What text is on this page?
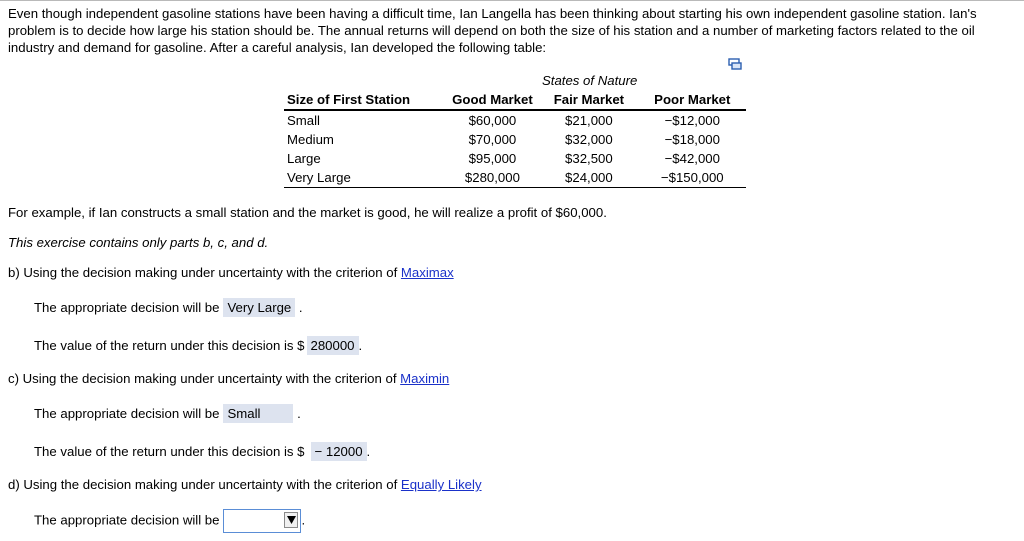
Even though independent gasoline stations have been having a difficult time, Ian Langella has been thinking about starting his own independent gasoline station. Ian's problem is to decide how large his station should be. The annual returns will depend on both the size of his station and a number of marketing factors related to the oil industry and demand for gasoline. After a careful analysis, Ian developed the following table:
States of Nature
Size of First Station	Good Market	Fair Market	Poor Market
Small	$60,000	$21,000	−$12,000
Medium	$70,000	$32,000	−$18,000
Large	$95,000	$32,500	−$42,000
Very Large	$280,000	$24,000	−$150,000
For example, if Ian constructs a small station and the market is good, he will realize a profit of $60,000.
This exercise contains only parts b, c, and d.
b) Using the decision making under uncertainty with the criterion of Maximax
The appropriate decision will be Very Large .
The value of the return under this decision is $ 280000 .
c) Using the decision making under uncertainty with the criterion of Maximin
The appropriate decision will be Small	.
The value of the return under this decision is $ − 12000 .
d) Using the decision making under uncertainty with the criterion of Equally Likely
The appropriate decision will be	.
